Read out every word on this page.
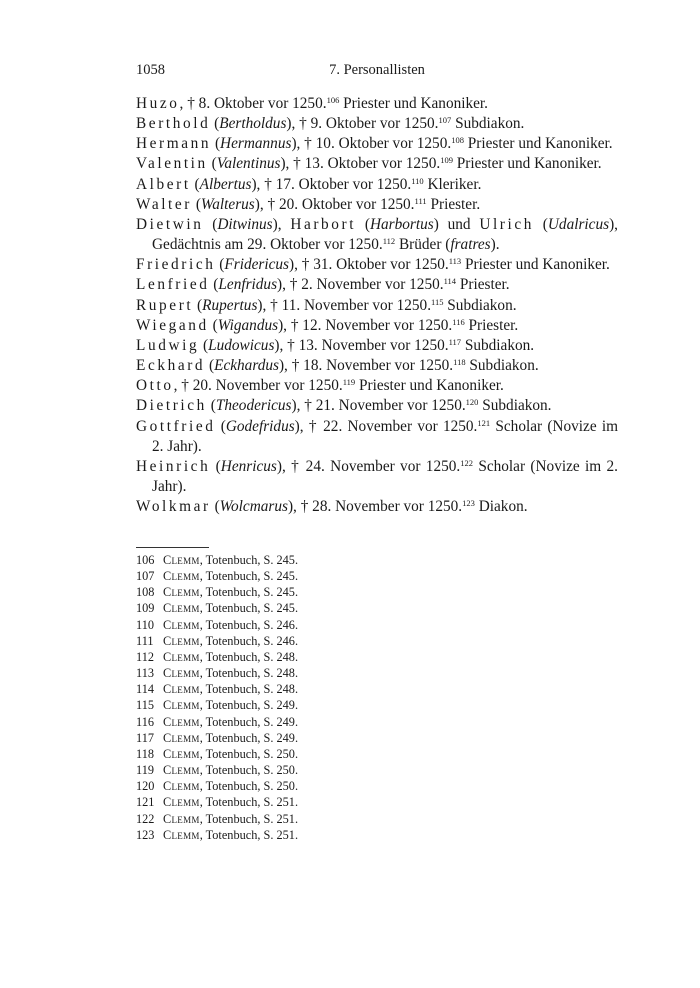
1058	7. Personallisten

Huzo, † 8. Oktober vor 1250.$^{106}$ Priester und Kanoniker.

Berthold (Bertholdus), † 9. Oktober vor 1250.$^{107}$ Subdiakon.

Hermann (Hermannus), † 10. Oktober vor 1250.$^{108}$ Priester und Kanoniker.

Valentin (Valentinus), † 13. Oktober vor 1250.$^{109}$ Priester und Kanoniker.

Albert (Albertus), † 17. Oktober vor 1250.$^{110}$ Kleriker.

Walter (Walterus), † 20. Oktober vor 1250.$^{111}$ Priester.

Dietwin (Ditwinus), Harbort (Harbortus) und Ulrich (Udalricus), Gedächtnis am 29. Oktober vor 1250.$^{112}$ Brüder (fratres).

Friedrich (Fridericus), † 31. Oktober vor 1250.$^{113}$ Priester und Kanoniker.

Lenfried (Lenfridus), † 2. November vor 1250.$^{114}$ Priester.

Rupert (Rupertus), † 11. November vor 1250.$^{115}$ Subdiakon.

Wiegand (Wigandus), † 12. November vor 1250.$^{116}$ Priester.

Ludwig (Ludowicus), † 13. November vor 1250.$^{117}$ Subdiakon.

Eckhard (Eckhardus), † 18. November vor 1250.$^{118}$ Subdiakon.

Otto, † 20. November vor 1250.$^{119}$ Priester und Kanoniker.

Dietrich (Theodericus), † 21. November vor 1250.$^{120}$ Subdiakon.

Gottfried (Godefridus), † 22. November vor 1250.$^{121}$ Scholar (Novize im 2. Jahr).

Heinrich (Henricus), † 24. November vor 1250.$^{122}$ Scholar (Novize im 2. Jahr).

Wolkmar (Wolcmarus), † 28. November vor 1250.$^{123}$ Diakon.

106 Clemm, Totenbuch, S. 245.
107 Clemm, Totenbuch, S. 245.
108 Clemm, Totenbuch, S. 245.
109 Clemm, Totenbuch, S. 245.
110 Clemm, Totenbuch, S. 246.
111 Clemm, Totenbuch, S. 246.
112 Clemm, Totenbuch, S. 248.
113 Clemm, Totenbuch, S. 248.
114 Clemm, Totenbuch, S. 248.
115 Clemm, Totenbuch, S. 249.
116 Clemm, Totenbuch, S. 249.
117 Clemm, Totenbuch, S. 249.
118 Clemm, Totenbuch, S. 250.
119 Clemm, Totenbuch, S. 250.
120 Clemm, Totenbuch, S. 250.
121 Clemm, Totenbuch, S. 251.
122 Clemm, Totenbuch, S. 251.
123 Clemm, Totenbuch, S. 251.
